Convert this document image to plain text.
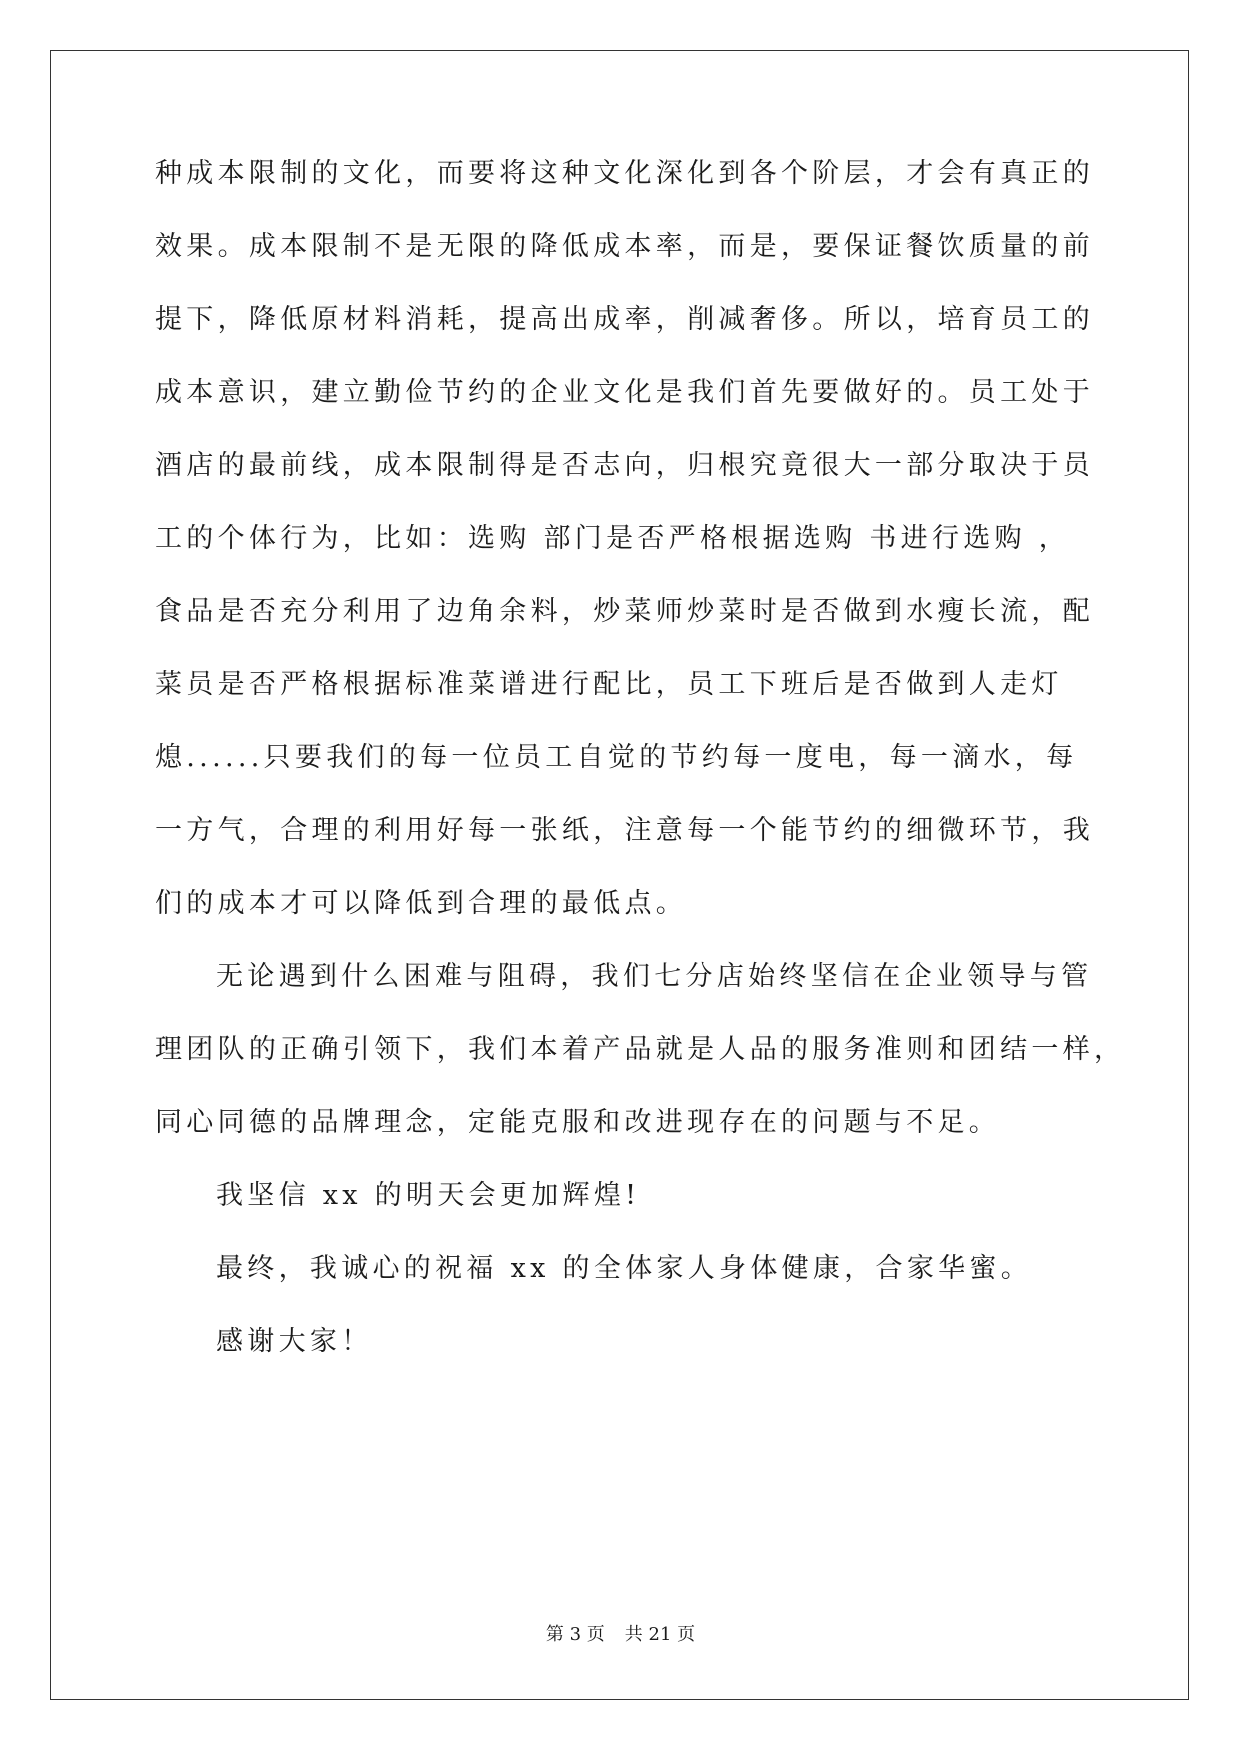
种成本限制的文化，而要将这种文化深化到各个阶层，才会有真正的
效果。成本限制不是无限的降低成本率，而是，要保证餐饮质量的前
提下，降低原材料消耗，提高出成率，削减奢侈。所以，培育员工的
成本意识，建立勤俭节约的企业文化是我们首先要做好的。员工处于
酒店的最前线，成本限制得是否志向，归根究竟很大一部分取决于员
工的个体行为，比如：选购 部门是否严格根据选购 书进行选购 ，
食品是否充分利用了边角余料，炒菜师炒菜时是否做到水瘦长流，配
菜员是否严格根据标准菜谱进行配比，员工下班后是否做到人走灯
熄......只要我们的每一位员工自觉的节约每一度电，每一滴水，每
一方气，合理的利用好每一张纸，注意每一个能节约的细微环节，我
们的成本才可以降低到合理的最低点。
无论遇到什么困难与阻碍，我们七分店始终坚信在企业领导与管
理团队的正确引领下，我们本着产品就是人品的服务准则和团结一样，
同心同德的品牌理念，定能克服和改进现存在的问题与不足。
我坚信 xx 的明天会更加辉煌!
最终，我诚心的祝福 xx 的全体家人身体健康，合家华蜜。
感谢大家！
第 3 页 共 21 页
